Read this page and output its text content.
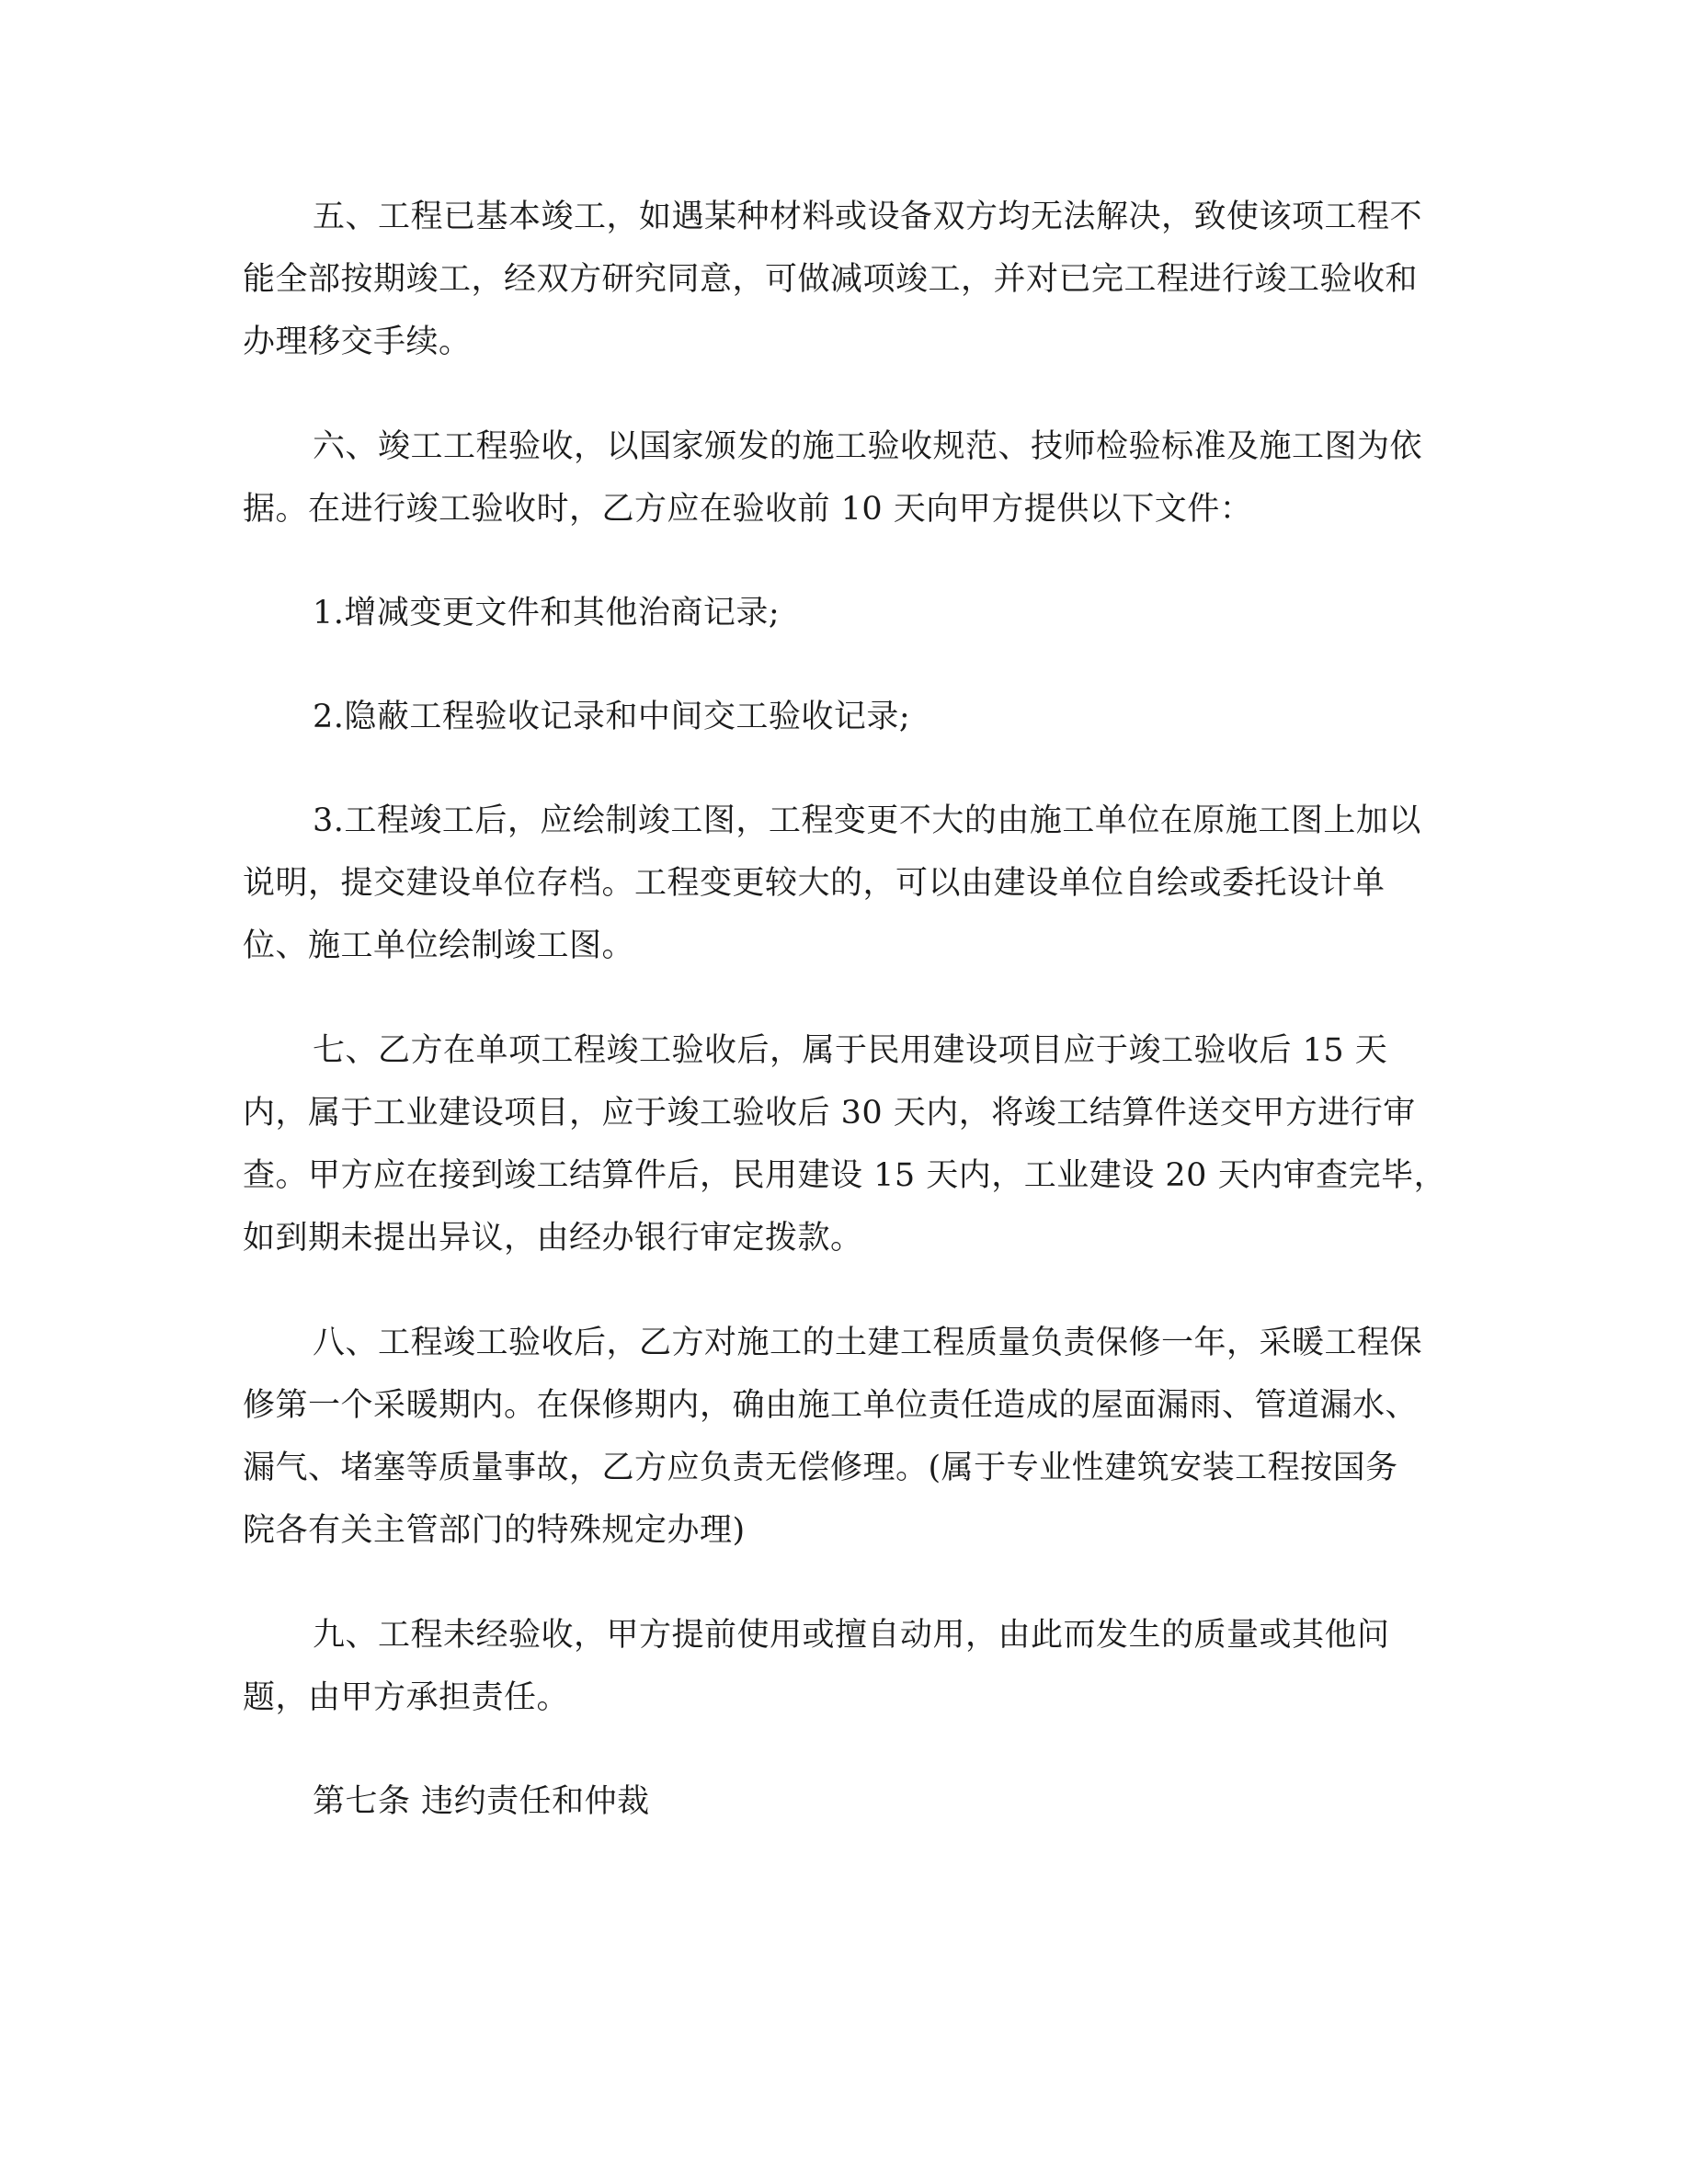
五、工程已基本竣工，如遇某种材料或设备双方均无法解决，致使该项工程不
能全部按期竣工，经双方研究同意，可做减项竣工，并对已完工程进行竣工验收和
办理移交手续。
六、竣工工程验收，以国家颁发的施工验收规范、技师检验标准及施工图为依
据。在进行竣工验收时，乙方应在验收前 10 天向甲方提供以下文件：
1.增减变更文件和其他治商记录;
2.隐蔽工程验收记录和中间交工验收记录;
3.工程竣工后，应绘制竣工图，工程变更不大的由施工单位在原施工图上加以
说明，提交建设单位存档。工程变更较大的，可以由建设单位自绘或委托设计单
位、施工单位绘制竣工图。
七、乙方在单项工程竣工验收后，属于民用建设项目应于竣工验收后 15 天
内，属于工业建设项目，应于竣工验收后 30 天内，将竣工结算件送交甲方进行审
查。甲方应在接到竣工结算件后，民用建设 15 天内，工业建设 20 天内审查完毕，
如到期未提出异议，由经办银行审定拨款。
八、工程竣工验收后，乙方对施工的土建工程质量负责保修一年，采暖工程保
修第一个采暖期内。在保修期内，确由施工单位责任造成的屋面漏雨、管道漏水、
漏气、堵塞等质量事故，乙方应负责无偿修理。(属于专业性建筑安装工程按国务
院各有关主管部门的特殊规定办理)
九、工程未经验收，甲方提前使用或擅自动用，由此而发生的质量或其他问
题，由甲方承担责任。
第七条 违约责任和仲裁
